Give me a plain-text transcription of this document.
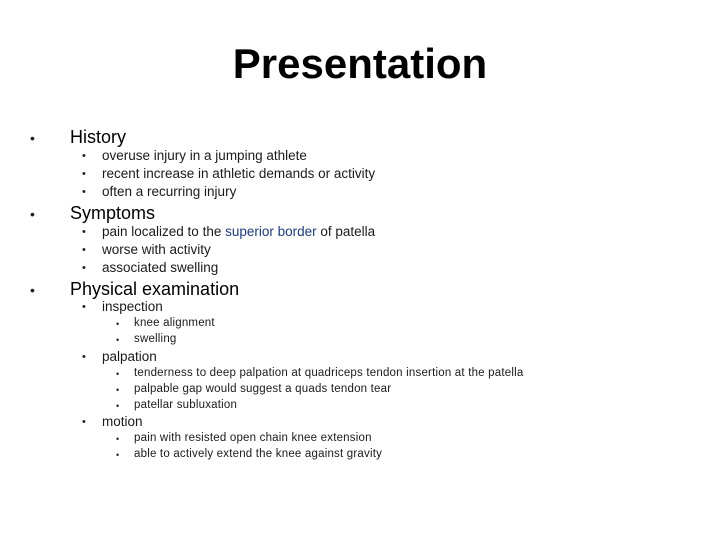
Presentation
• History
• overuse injury in a jumping athlete
• recent increase in athletic demands or activity
• often a recurring injury
• Symptoms
• pain localized to the superior border of patella
• worse with activity
• associated swelling
• Physical examination
• inspection
• knee alignment
• swelling
• palpation
• tenderness to deep palpation at quadriceps tendon insertion at the patella
• palpable gap would suggest a quads tendon tear
• patellar subluxation
• motion
• pain with resisted open chain knee extension
• able to actively extend the knee against gravity
